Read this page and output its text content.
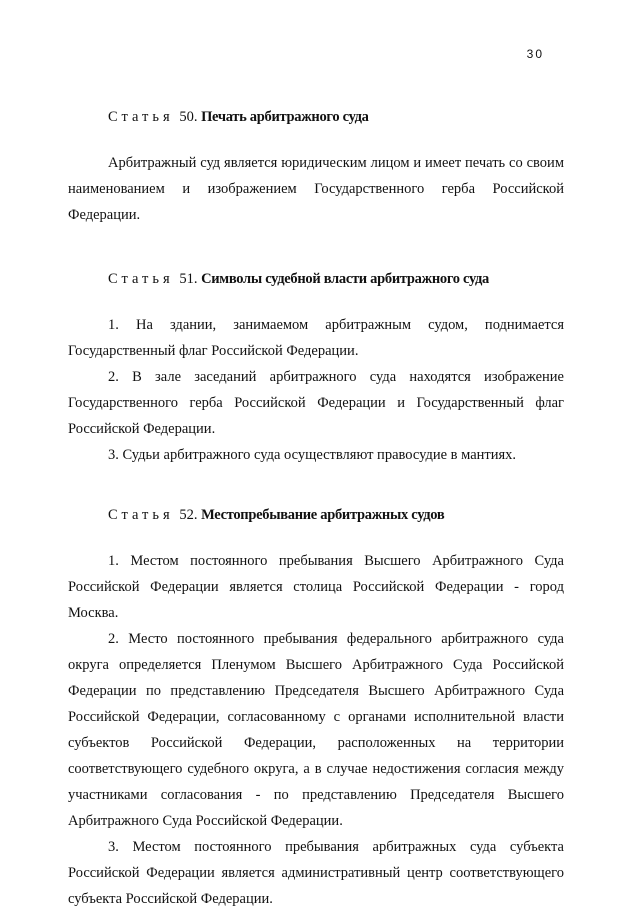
30
Статья 50. Печать арбитражного суда

Арбитражный суд является юридическим лицом и имеет печать со своим наименованием и изображением Государственного герба Российской Федерации.

Статья 51. Символы судебной власти арбитражного суда

1. На здании, занимаемом арбитражным судом, поднимается Государственный флаг Российской Федерации.

2. В зале заседаний арбитражного суда находятся изображение Государственного герба Российской Федерации и Государственный флаг Российской Федерации.

3. Судьи арбитражного суда осуществляют правосудие в мантиях.

Статья 52. Местопребывание арбитражных судов

1. Местом постоянного пребывания Высшего Арбитражного Суда Российской Федерации является столица Российской Федерации - город Москва.

2. Место постоянного пребывания федерального арбитражного суда округа определяется Пленумом Высшего Арбитражного Суда Российской Федерации по представлению Председателя Высшего Арбитражного Суда Российской Федерации, согласованному с органами исполнительной власти субъектов Российской Федерации, расположенных на территории соответствующего судебного округа, а в случае недостижения согласия между участниками согласования - по представлению Председателя Высшего Арбитражного Суда Российской Федерации.

3. Местом постоянного пребывания арбитражных суда субъекта Российской Федерации является административный центр соответствующего субъекта Российской Федерации.
